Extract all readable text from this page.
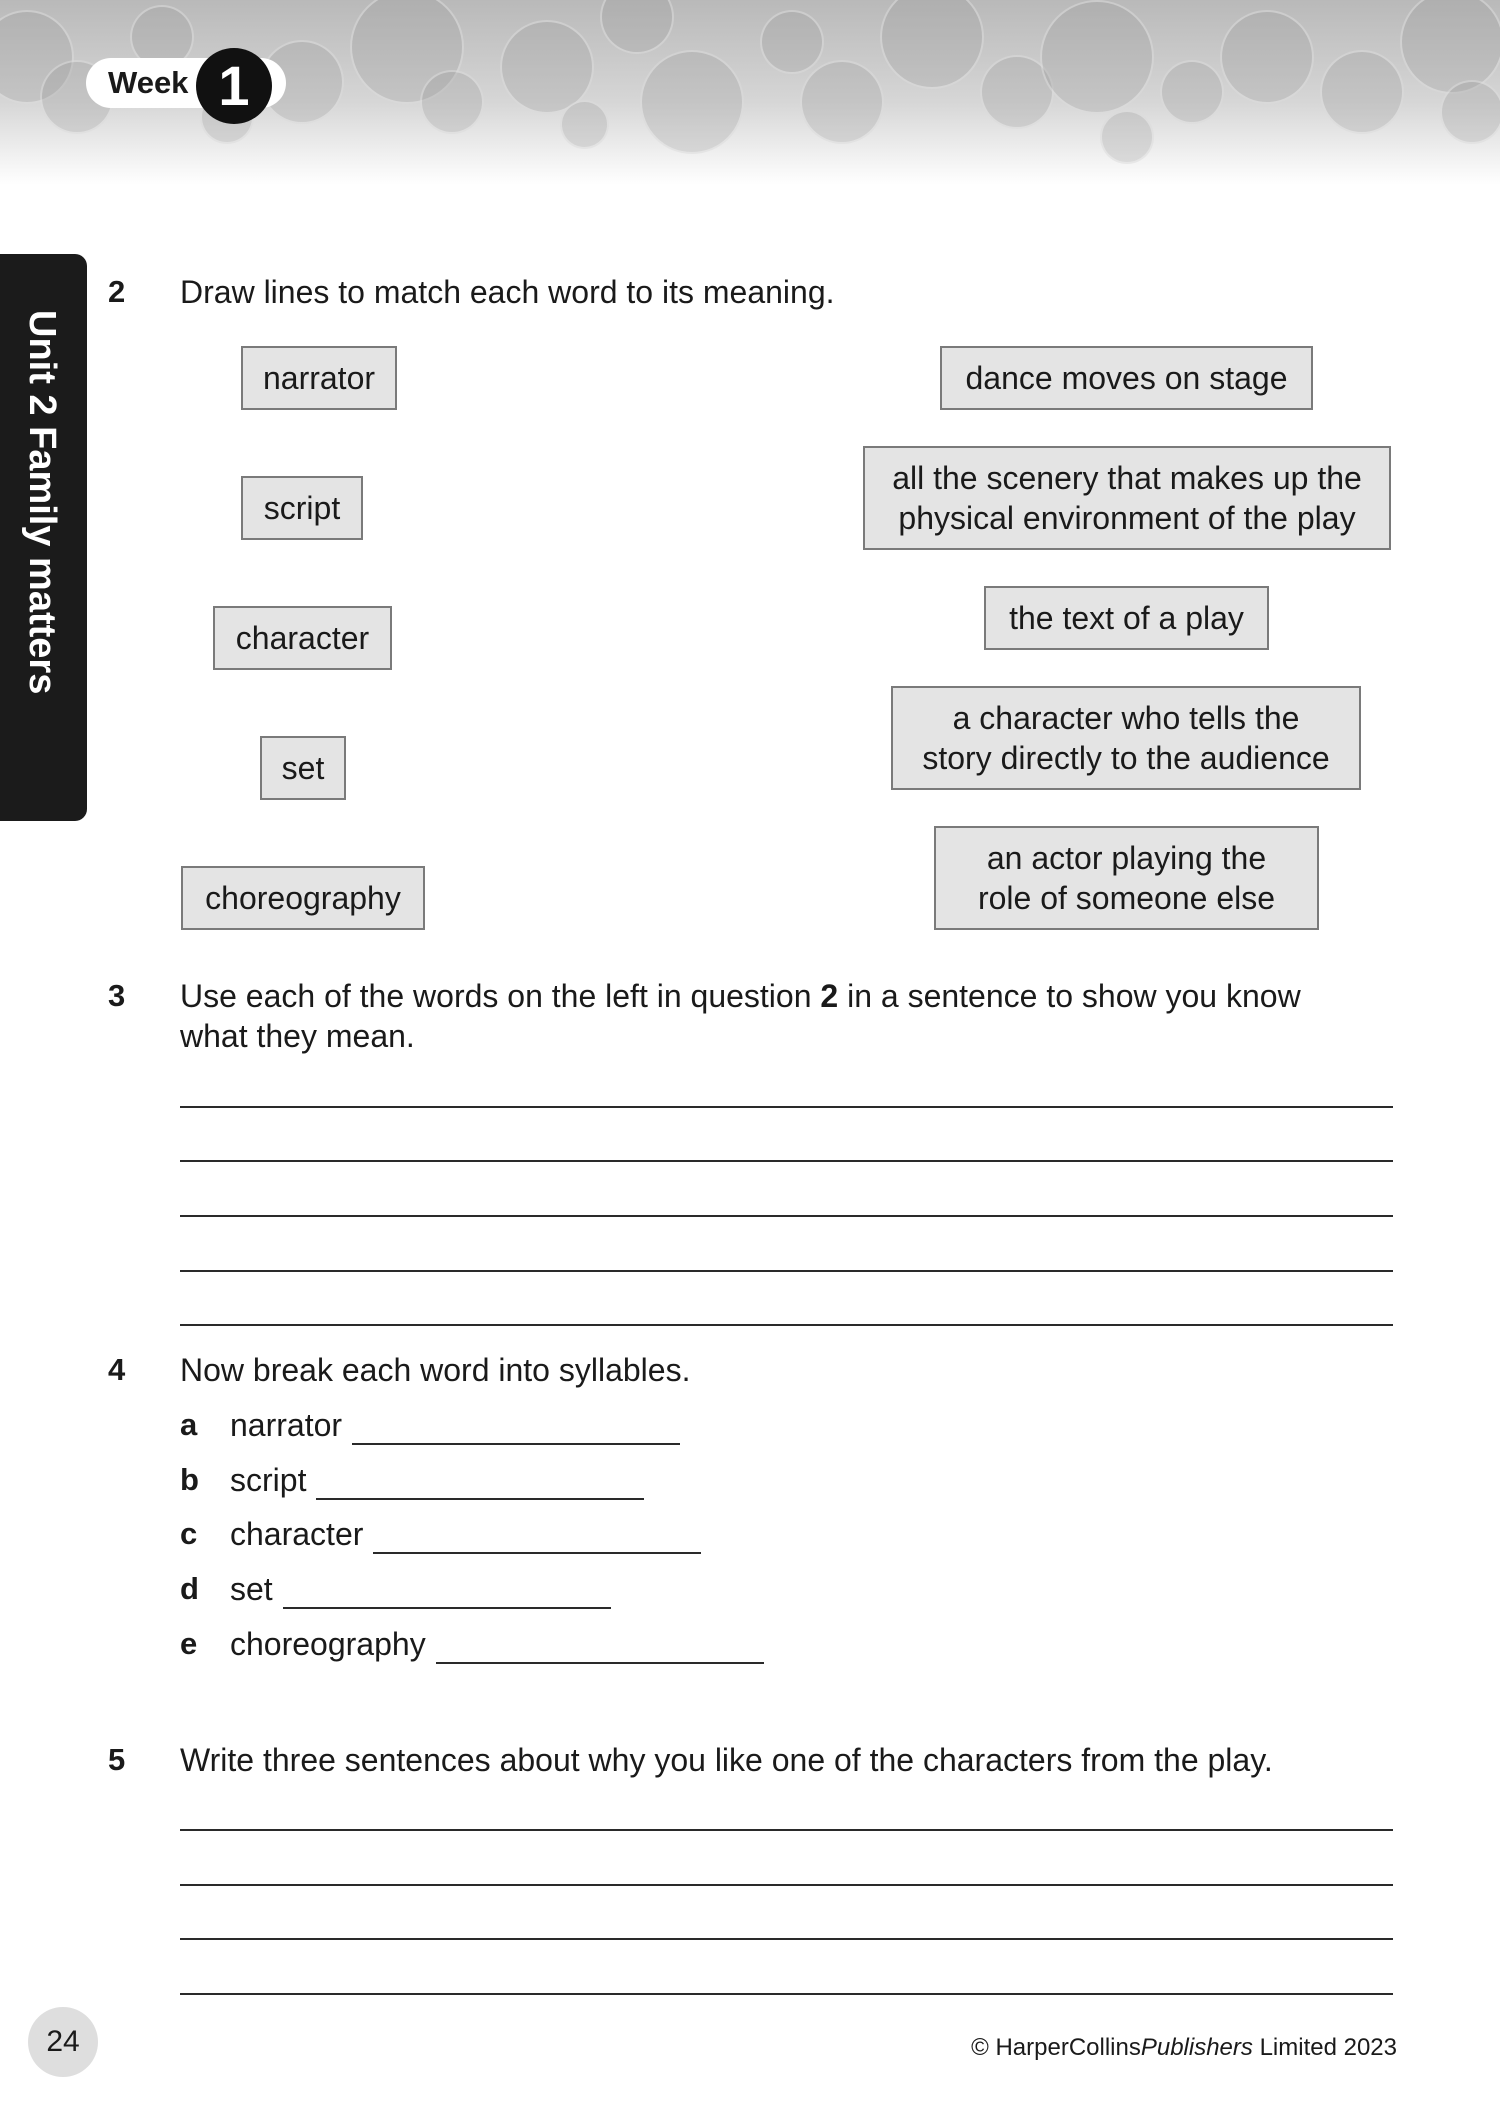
Week 1
Unit 2 Family matters
2 Draw lines to match each word to its meaning.
narrator
script
character
set
choreography
dance moves on stage
all the scenery that makes up the
physical environment of the play
the text of a play
a character who tells the
story directly to the audience
an actor playing the
role of someone else
3 Use each of the words on the left in question 2 in a sentence to show you know
what they mean.
4 Now break each word into syllables.
a narrator
b script
c character
d set
e choreography
5 Write three sentences about why you like one of the characters from the play.
24	© HarperCollinsPublishers Limited 2023
